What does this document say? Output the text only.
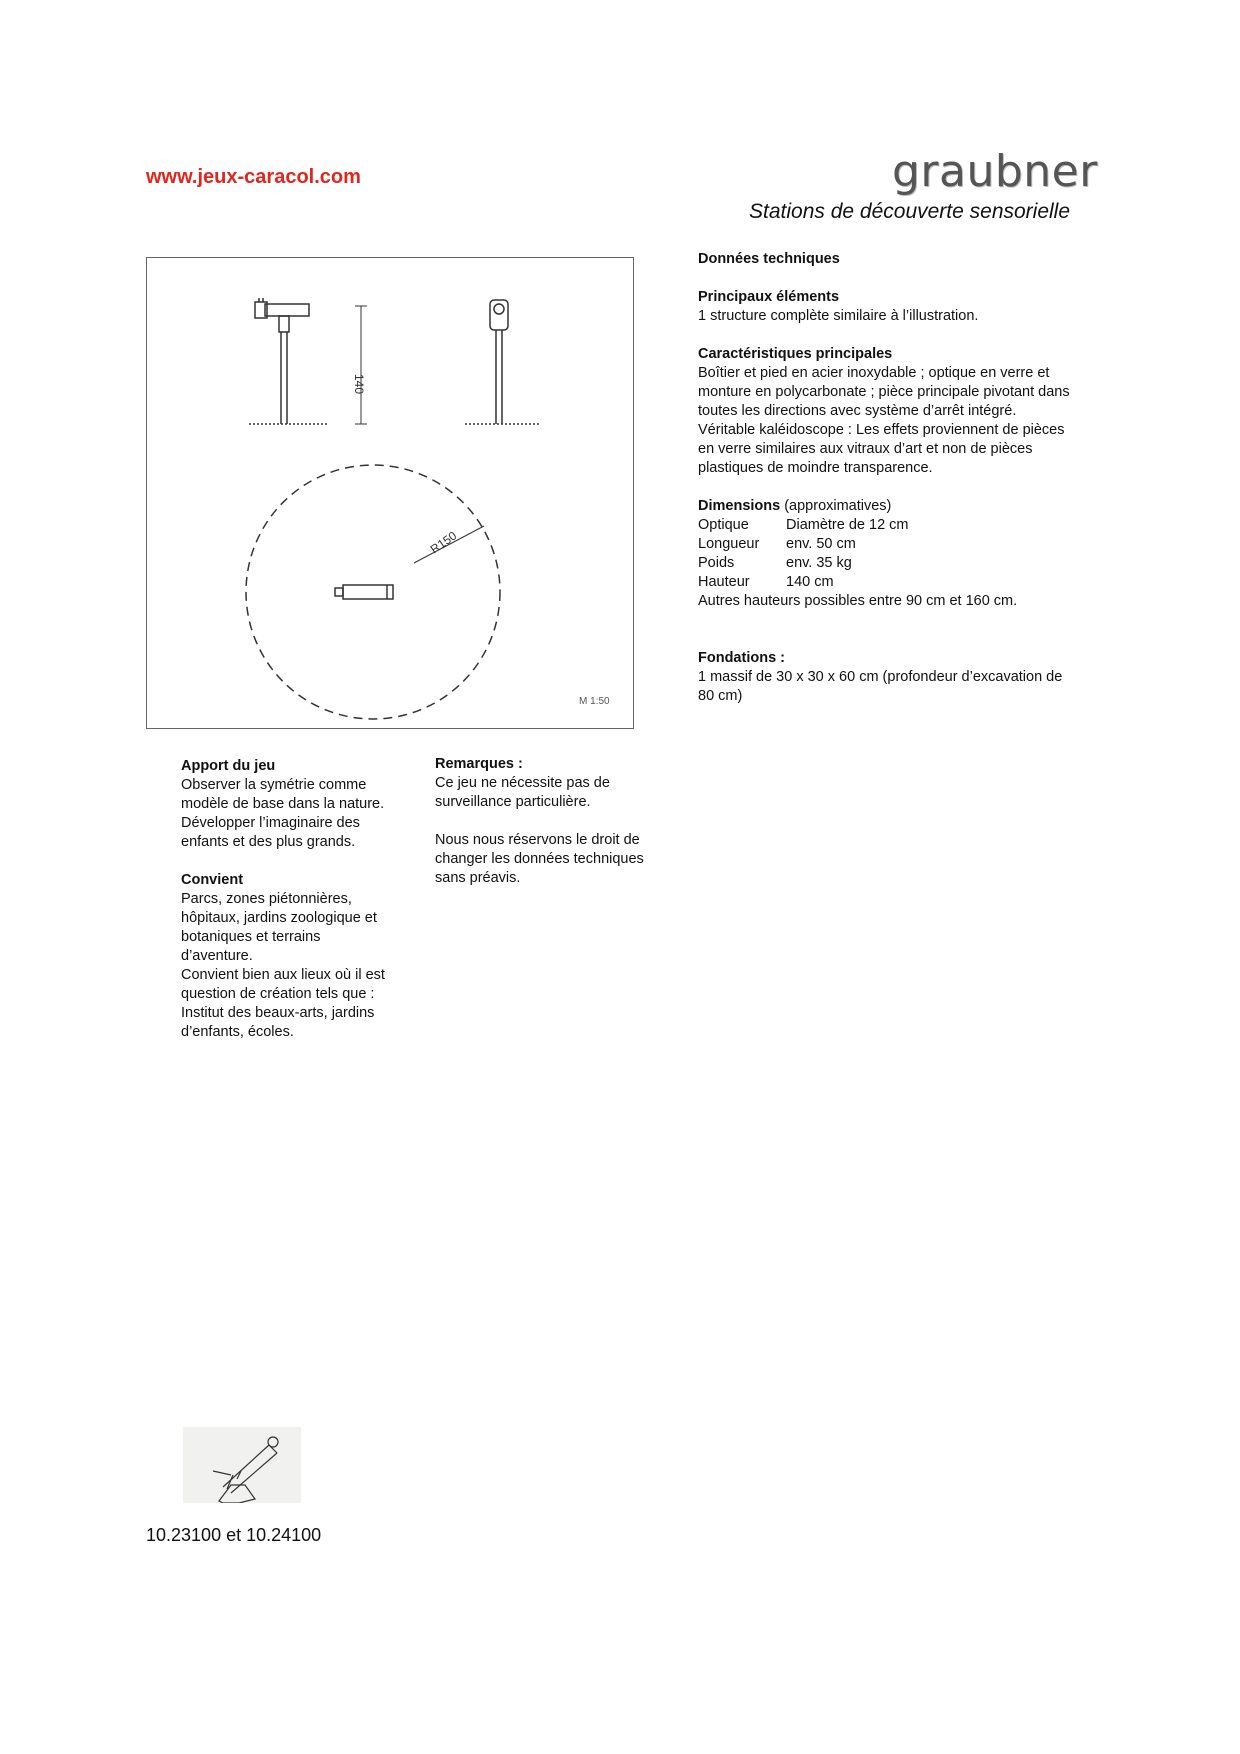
www.jeux-caracol.com	graubner
Stations de découverte sensorielle
140
R150
M 1:50

Données techniques

Principaux éléments

1 structure complète similaire à l’illustration.

Caractéristiques principales

Boîtier et pied en acier inoxydable ; optique en verre et

monture en polycarbonate ; pièce principale pivotant dans

toutes les directions avec système d’arrêt intégré.

Véritable kaléidoscope : Les effets proviennent de pièces

en verre similaires aux vitraux d’art et non de pièces

plastiques de moindre transparence.

Dimensions (approximatives)

Optique	Diamètre de 12 cm
Longueur	env. 50 cm
Poids	env. 35 kg
Hauteur	140 cm

Autres hauteurs possibles entre 90 cm et 160 cm.

Fondations :

1 massif de 30 x 30 x 60 cm (profondeur d’excavation de

80 cm)

Apport du jeu

Observer la symétrie comme

modèle de base dans la nature.

Développer l’imaginaire des

enfants et des plus grands.

Convient

Parcs, zones piétonnières,

hôpitaux, jardins zoologique et

botaniques et terrains

d’aventure.

Convient bien aux lieux où il est

question de création tels que :

Institut des beaux-arts, jardins

d’enfants, écoles.

Remarques :

Ce jeu ne nécessite pas de

surveillance particulière.

Nous nous réservons le droit de

changer les données techniques

sans préavis.

10.23100 et 10.24100
